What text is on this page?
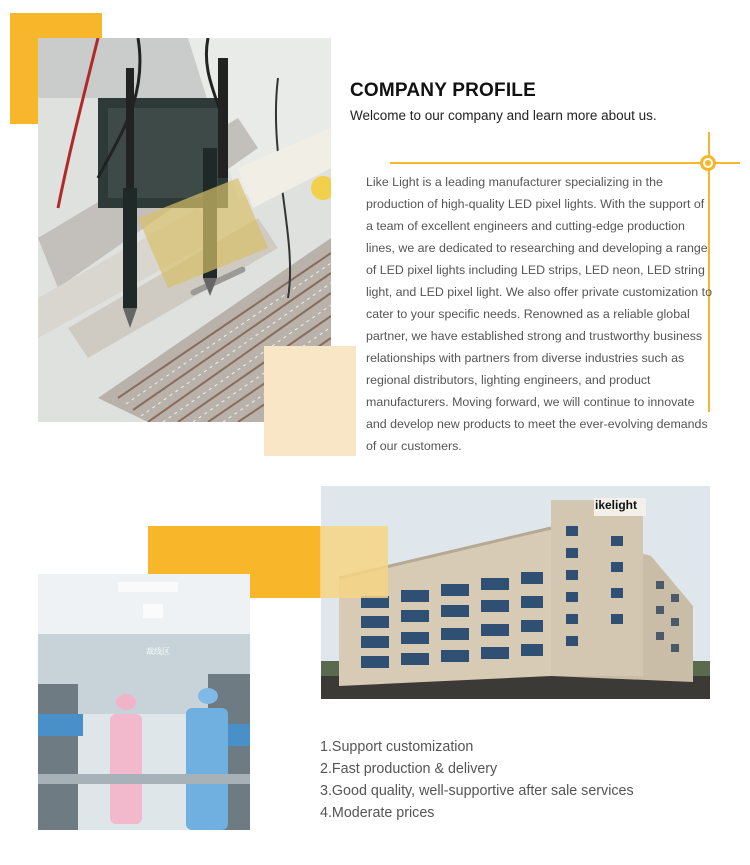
COMPANY PROFILE

Welcome to our company and learn more about us.

Like Light is a leading manufacturer specializing in the production of high-quality LED pixel lights. With the support of a team of excellent engineers and cutting-edge production lines, we are dedicated to researching and developing a range of LED pixel lights including LED strips, LED neon, LED string light, and LED pixel light. We also offer private customization to cater to your specific needs. Renowned as a reliable global partner, we have established strong and trustworthy business relationships with partners from diverse industries such as regional distributors, lighting engineers, and product manufacturers. Moving forward, we will continue to innovate and develop new products to meet the ever-evolving demands of our customers.

ikelight
裁线区
1.Support customization
2.Fast production & delivery
3.Good quality, well-supportive after sale services
4.Moderate prices
